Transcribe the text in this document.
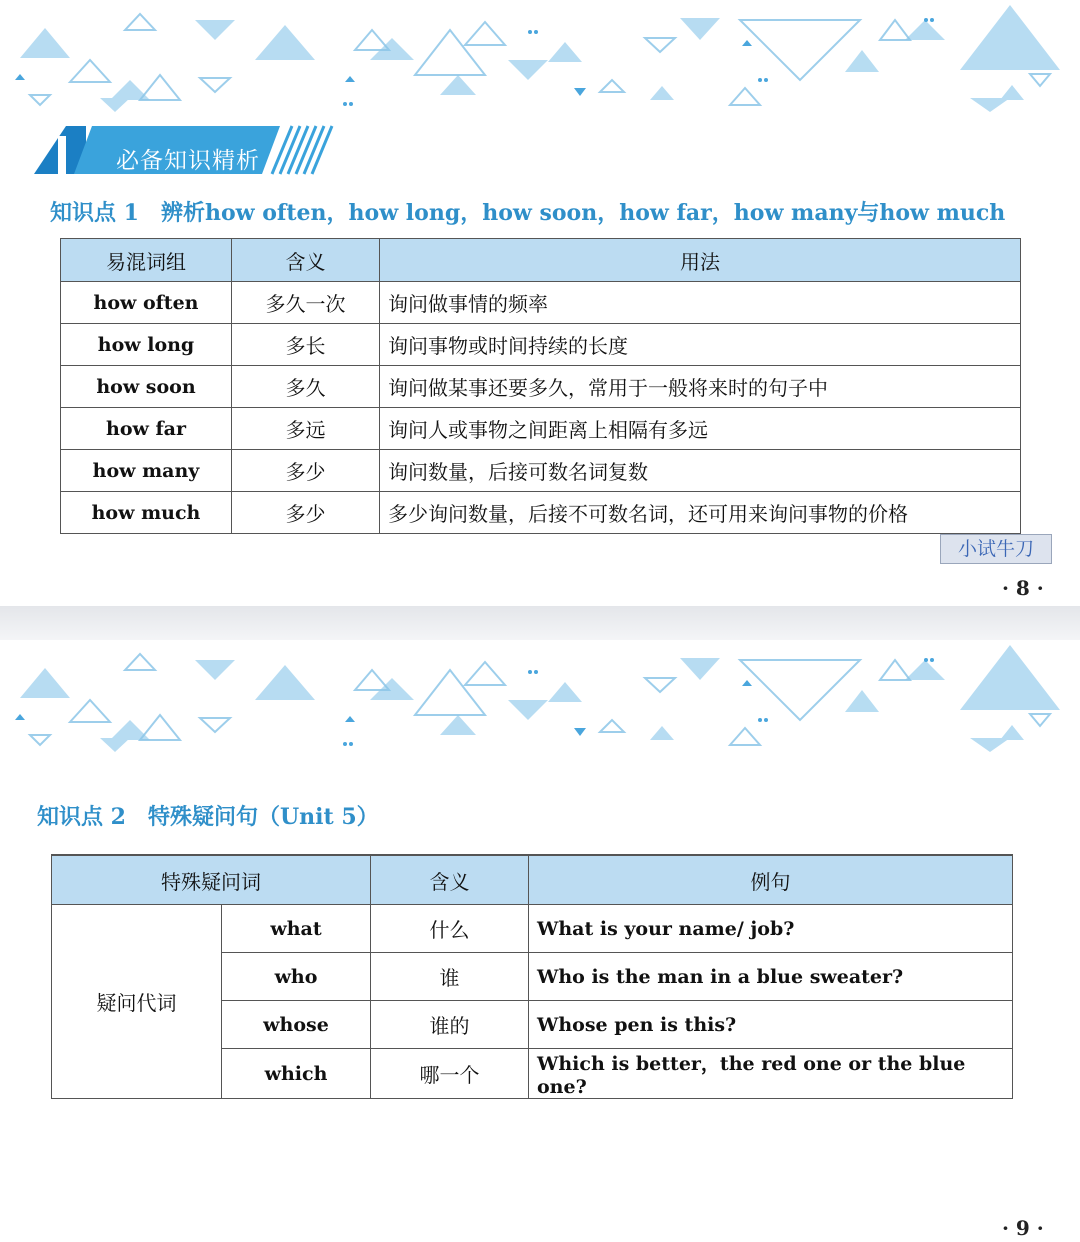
必备知识精析
知识点 1 辨析how often，how long，how soon，how far，how many与how much
易混词组	含义	用法
how often	多久一次	询问做事情的频率
how long	多长	询问事物或时间持续的长度
how soon	多久	询问做某事还要多久，常用于一般将来时的句子中
how far	多远	询问人或事物之间距离上相隔有多远
how many	多少	询问数量，后接可数名词复数
how much	多少	多少询问数量，后接不可数名词，还可用来询问事物的价格
小试牛刀
· 8 ·
知识点 2 特殊疑问句（Unit 5）
特殊疑问词		含义	例句
疑问代词	what	什么	What is your name/ job?
	who	谁	Who is the man in a blue sweater?
	whose	谁的	Whose pen is this?
	which	哪一个	Which is better，the red one or the blue one?
· 9 ·
